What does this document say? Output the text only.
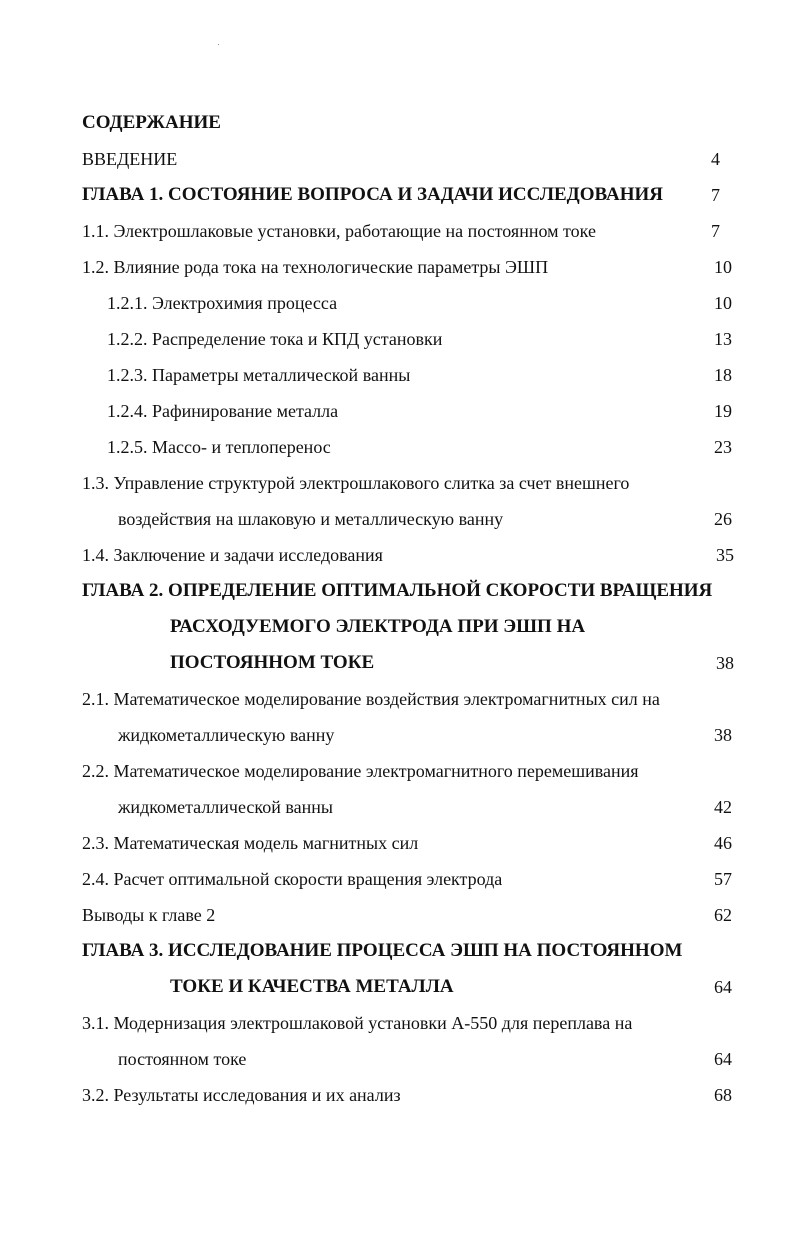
СОДЕРЖАНИЕ
ВВЕДЕНИЕ	4
ГЛАВА 1. СОСТОЯНИЕ ВОПРОСА И ЗАДАЧИ ИССЛЕДОВАНИЯ	7
1.1. Электрошлаковые установки, работающие на постоянном токе	7
1.2. Влияние рода тока на технологические параметры ЭШП	10
1.2.1. Электрохимия процесса	10
1.2.2. Распределение тока и КПД установки	13
1.2.3. Параметры металлической ванны	18
1.2.4. Рафинирование металла	19
1.2.5. Массо- и теплоперенос	23
1.3. Управление структурой электрошлакового слитка за счет внешнего
воздействия на шлаковую и металлическую ванну	26
1.4. Заключение и задачи исследования	35
ГЛАВА 2. ОПРЕДЕЛЕНИЕ ОПТИМАЛЬНОЙ СКОРОСТИ ВРАЩЕНИЯ
РАСХОДУЕМОГО ЭЛЕКТРОДА ПРИ ЭШП НА
ПОСТОЯННОМ ТОКЕ	38
2.1. Математическое моделирование воздействия электромагнитных сил на
жидкометаллическую ванну	38
2.2. Математическое моделирование электромагнитного перемешивания
жидкометаллической ванны	42
2.3. Математическая модель магнитных сил	46
2.4. Расчет оптимальной скорости вращения электрода	57
Выводы к главе 2	62
ГЛАВА 3. ИССЛЕДОВАНИЕ ПРОЦЕССА ЭШП НА ПОСТОЯННОМ
ТОКЕ И КАЧЕСТВА МЕТАЛЛА	64
3.1. Модернизация электрошлаковой установки А-550 для переплава на
постоянном токе	64
3.2. Результаты исследования и их анализ	68
